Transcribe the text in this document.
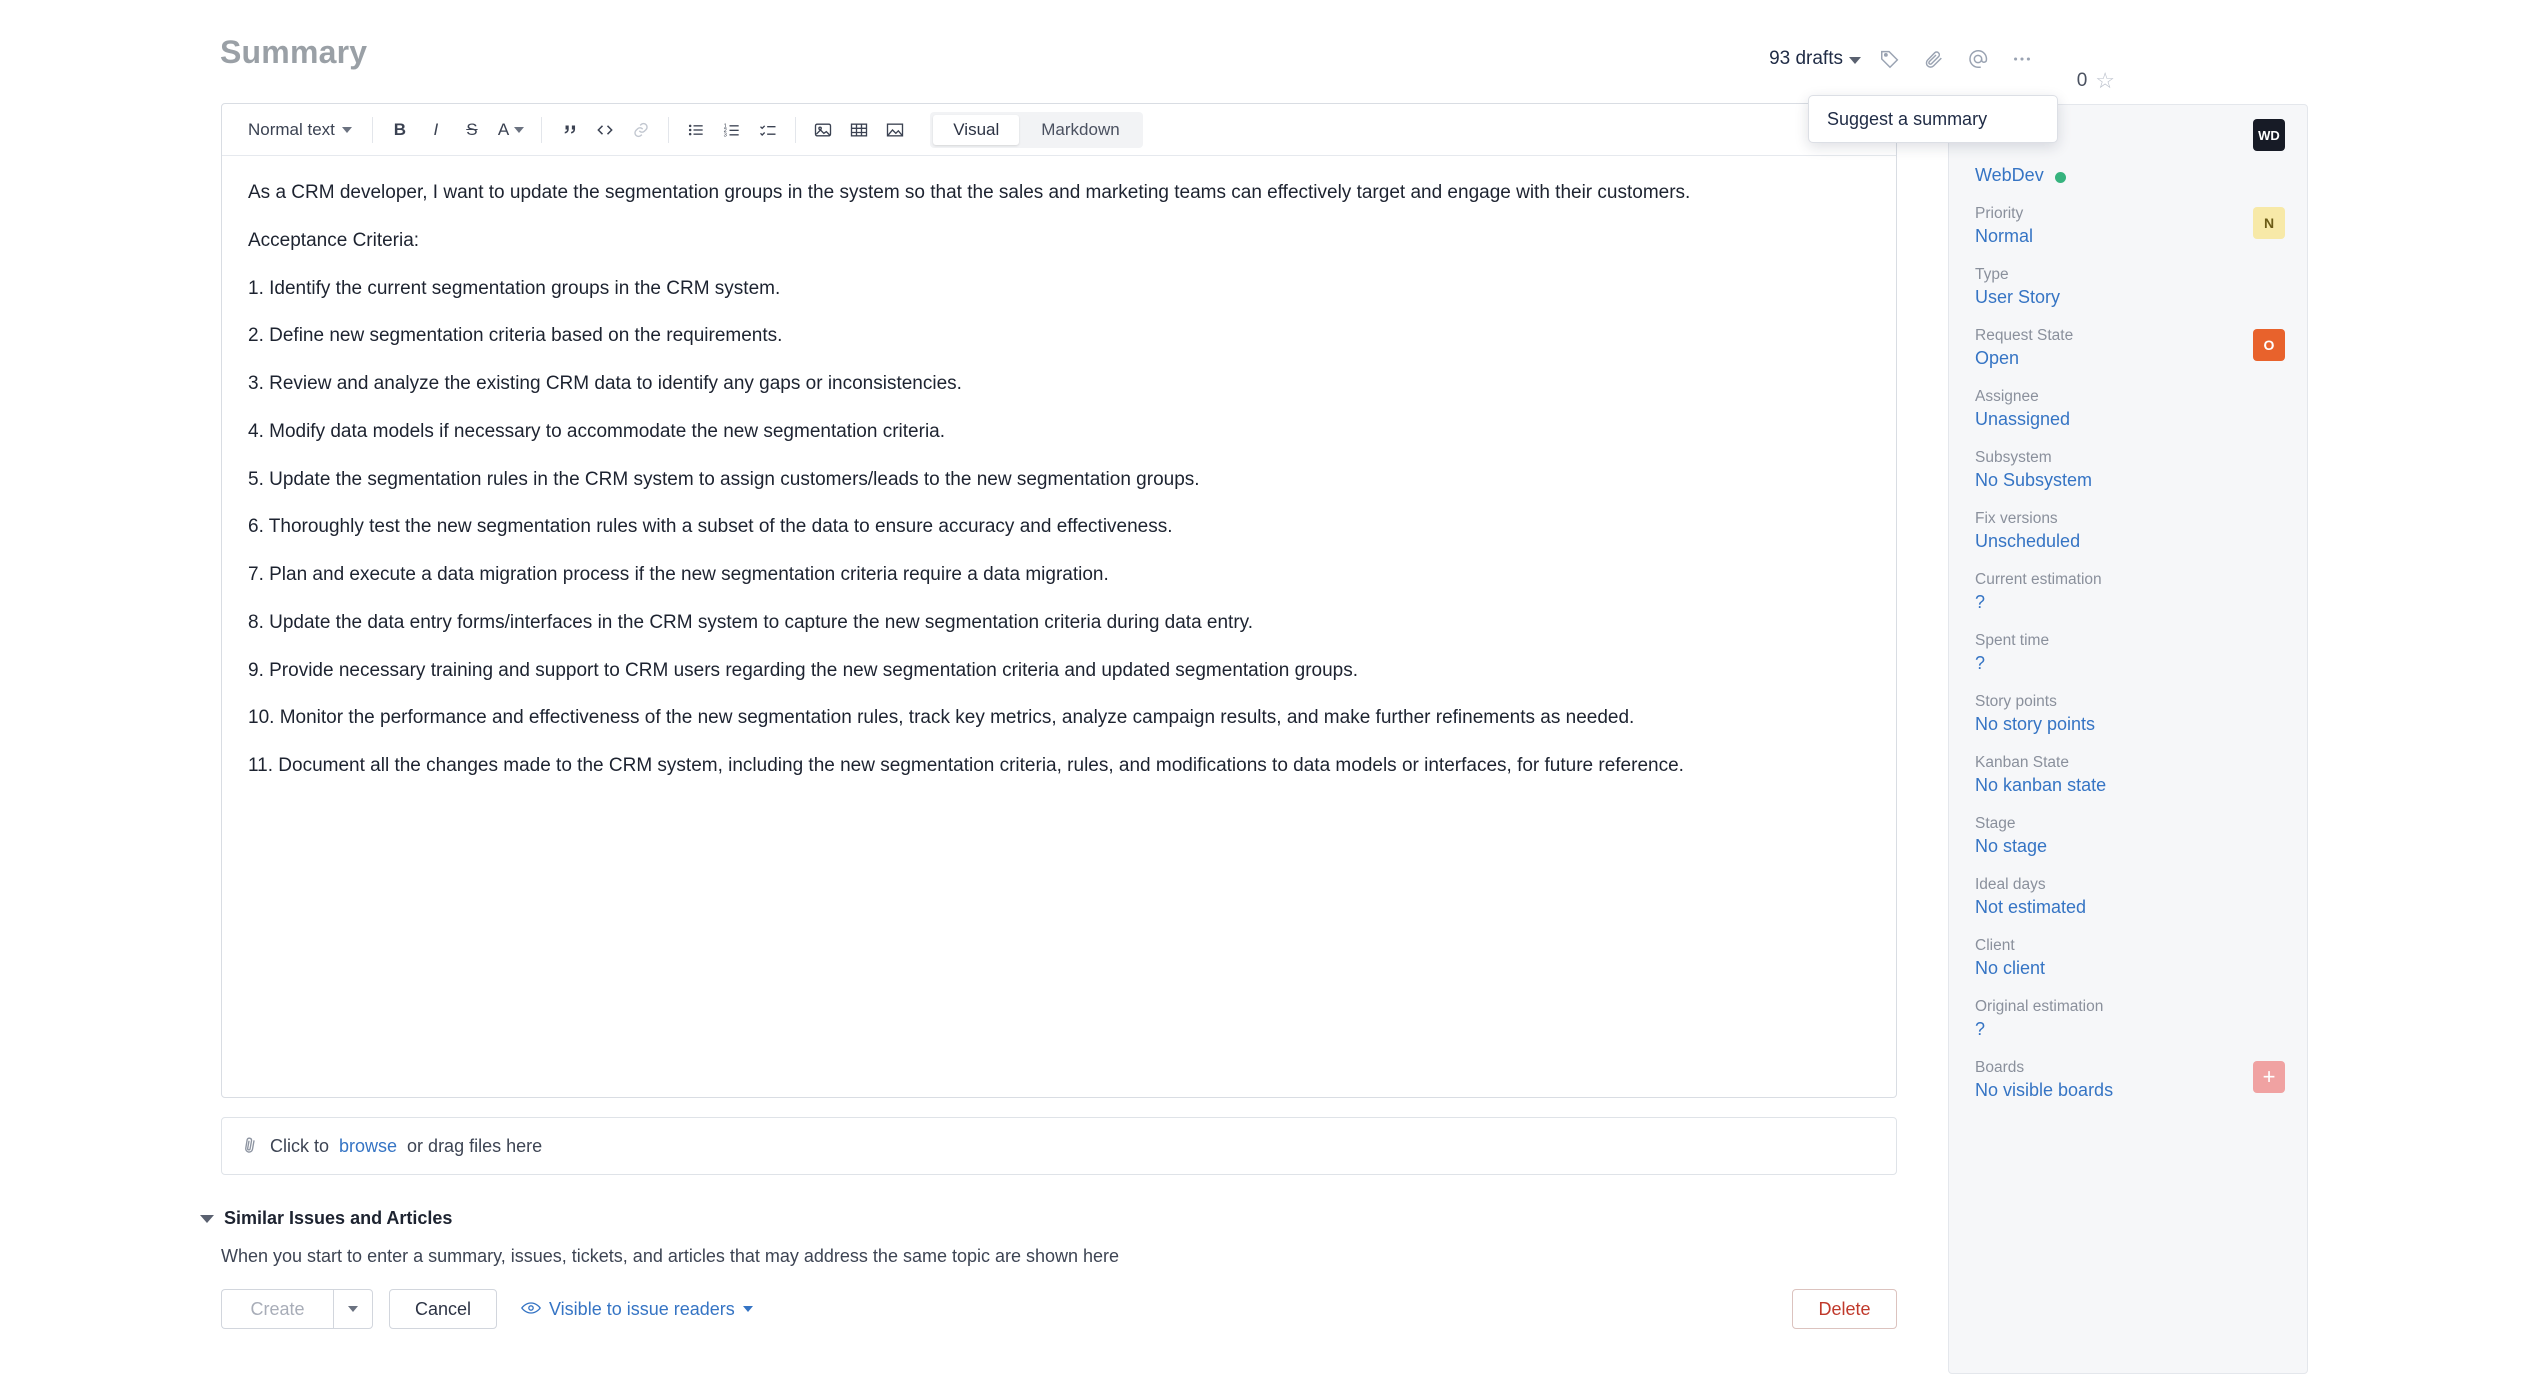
Summary	93 drafts
0 ☆
Suggest a summary
Normal text	B I S A	1
2
3	Visual	Markdown

As a CRM developer, I want to update the segmentation groups in the system so that the sales and marketing teams can effectively target and engage with their customers.

Acceptance Criteria:

1. Identify the current segmentation groups in the CRM system.

2. Define new segmentation criteria based on the requirements.

3. Review and analyze the existing CRM data to identify any gaps or inconsistencies.

4. Modify data models if necessary to accommodate the new segmentation criteria.

5. Update the segmentation rules in the CRM system to assign customers/leads to the new segmentation groups.

6. Thoroughly test the new segmentation rules with a subset of the data to ensure accuracy and effectiveness.

7. Plan and execute a data migration process if the new segmentation criteria require a data migration.

8. Update the data entry forms/interfaces in the CRM system to capture the new segmentation criteria during data entry.

9. Provide necessary training and support to CRM users regarding the new segmentation criteria and updated segmentation groups.

10. Monitor the performance and effectiveness of the new segmentation rules, track key metrics, analyze campaign results, and make further refinements as needed.

11. Document all the changes made to the CRM system, including the new segmentation criteria, rules, and modifications to data models or interfaces, for future reference.

Click to browse or drag files here
Similar Issues and Articles
When you start to enter a summary, issues, tickets, and articles that may address the same topic are shown here
Create	Cancel	Visible to issue readers	Delete
WD
WebDev
Priority
Normal
N
Type
User Story
Request State
Open
O
Assignee
Unassigned
Subsystem
No Subsystem
Fix versions
Unscheduled
Current estimation
?
Spent time
?
Story points
No story points
Kanban State
No kanban state
Stage
No stage
Ideal days
Not estimated
Client
No client
Original estimation
?
Boards
No visible boards
+
